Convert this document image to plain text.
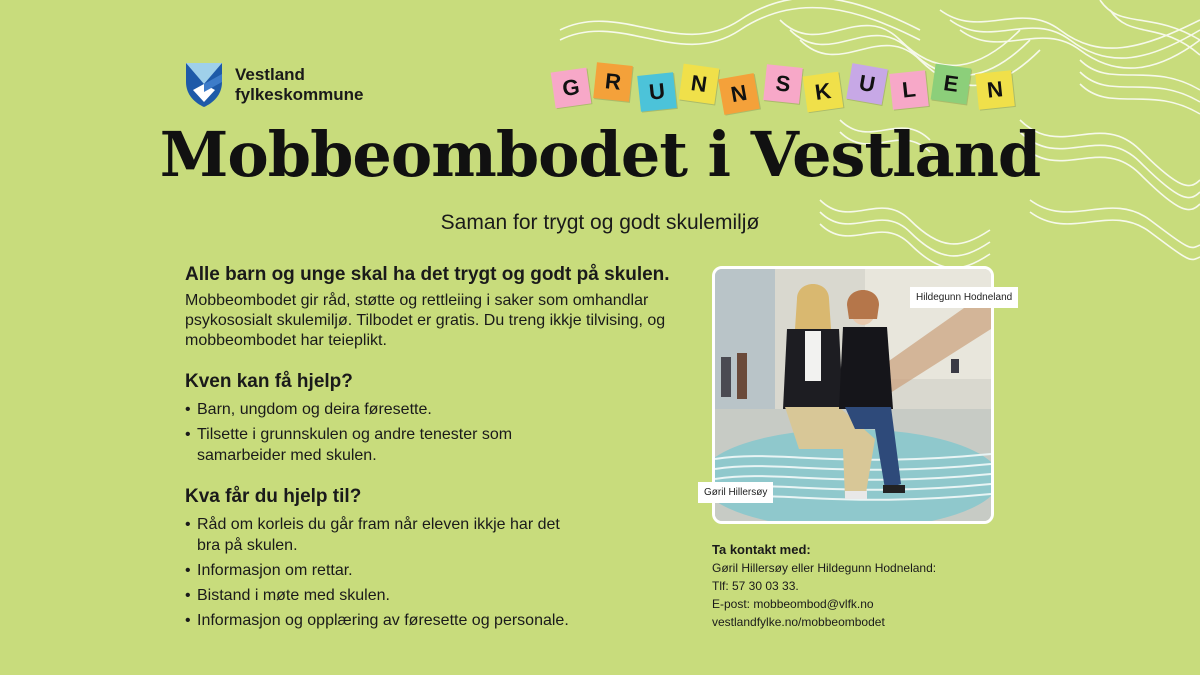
Vestland
fylkeskommune	G	R	U	N N	S K	U	L	E	N
Mobbeombodet i Vestland
Saman for trygt og godt skulemiljø
Alle barn og unge skal ha det trygt og godt på skulen.
Mobbeombodet gir råd, støtte og rettleiing i saker som omhandlar psykososialt skulemiljø. Tilbodet er gratis. Du treng ikkje tilvising, og mobbeombodet har teieplikt.
Kven kan få hjelp?
• Barn, ungdom og deira føresette.
• Tilsette i grunnskulen og andre tenester som samarbeider med skulen.
Kva får du hjelp til?
• Råd om korleis du går fram når eleven ikkje har det bra på skulen.
• Informasjon om rettar.
• Bistand i møte med skulen.
• Informasjon og opplæring av føresette og personale.
Hildegunn Hodneland
Gøril Hillersøy
Ta kontakt med:
Gøril Hillersøy eller Hildegunn Hodneland:
Tlf: 57 30 03 33.
E-post: mobbeombod@vlfk.no
vestlandfylke.no/mobbeombodet
